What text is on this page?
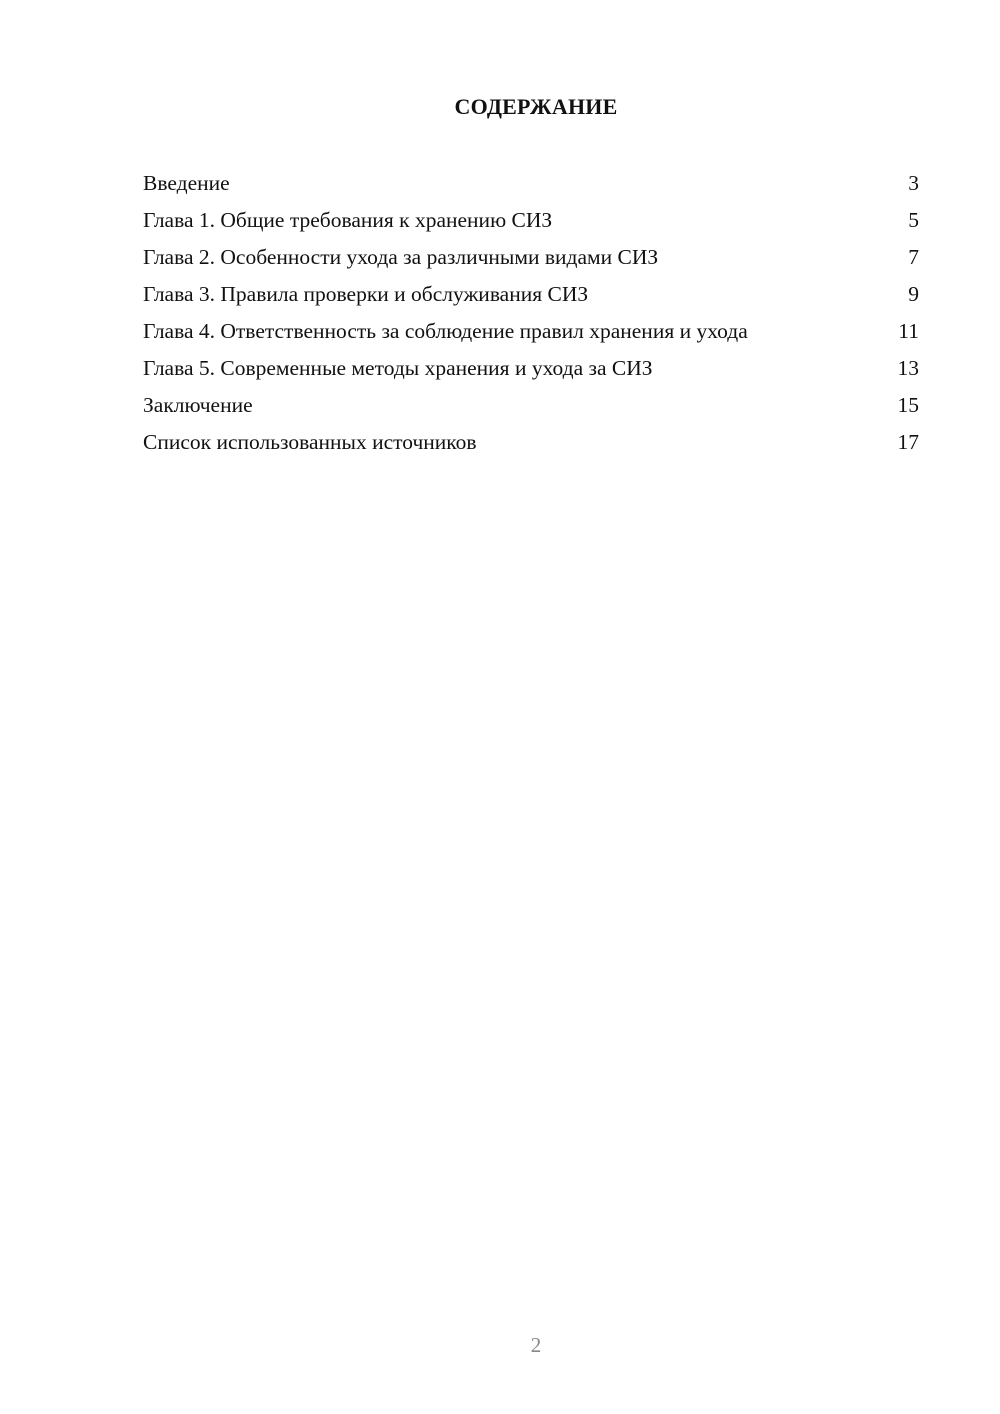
СОДЕРЖАНИЕ
Введение	3
Глава 1. Общие требования к хранению СИЗ	5
Глава 2. Особенности ухода за различными видами СИЗ	7
Глава 3. Правила проверки и обслуживания СИЗ	9
Глава 4. Ответственность за соблюдение правил хранения и ухода	11
Глава 5. Современные методы хранения и ухода за СИЗ	13
Заключение	15
Список использованных источников	17
2
